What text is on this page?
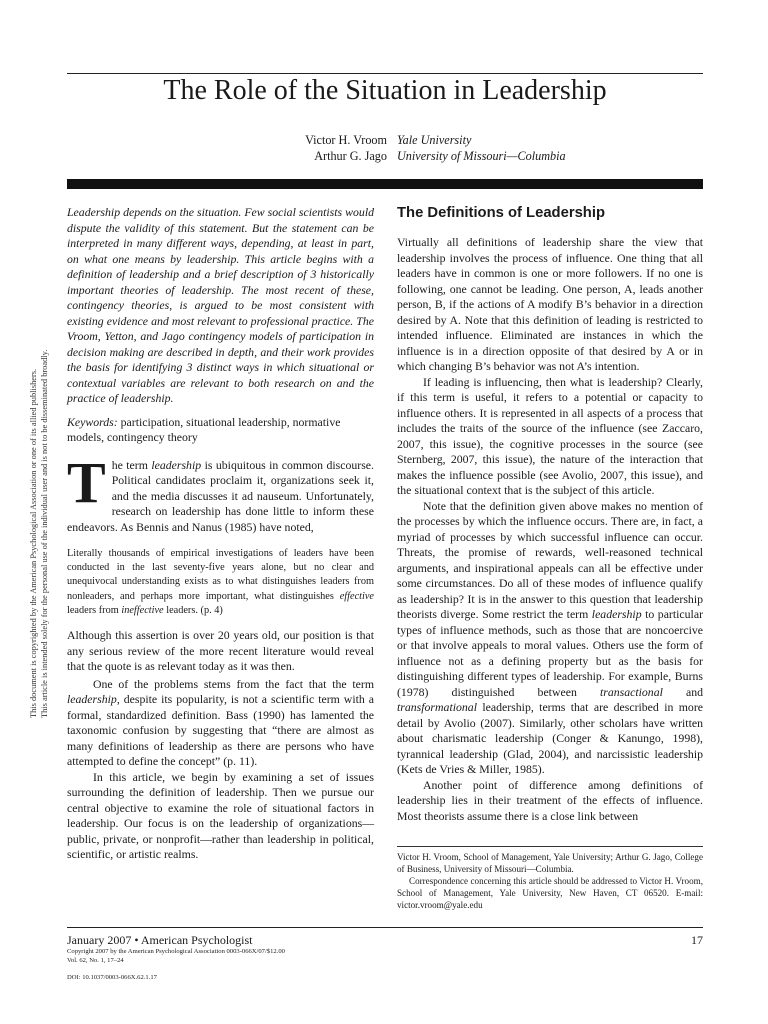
The Role of the Situation in Leadership
Victor H. Vroom
Arthur G. Jago
Yale University
University of Missouri—Columbia
This document is copyrighted by the American Psychological Association or one of its allied publishers. This article is intended solely for the personal use of the individual user and is not to be disseminated broadly.

Leadership depends on the situation. Few social scientists would dispute the validity of this statement. But the statement can be interpreted in many different ways, depending, at least in part, on what one means by leadership. This article begins with a definition of leadership and a brief description of 3 historically important theories of leadership. The most recent of these, contingency theories, is argued to be most consistent with existing evidence and most relevant to professional practice. The Vroom, Yetton, and Jago contingency models of participation in decision making are described in depth, and their work provides the basis for identifying 3 distinct ways in which situational or contextual variables are relevant to both research on and the practice of leadership.

Keywords: participation, situational leadership, normative models, contingency theory

The term leadership is ubiquitous in common discourse. Political candidates proclaim it, organizations seek it, and the media discusses it ad nauseum. Unfortunately, research on leadership has done little to inform these endeavors. As Bennis and Nanus (1985) have noted,

Literally thousands of empirical investigations of leaders have been conducted in the last seventy-five years alone, but no clear and unequivocal understanding exists as to what distinguishes leaders from nonleaders, and perhaps more important, what distinguishes effective leaders from ineffective leaders. (p. 4)

Although this assertion is over 20 years old, our position is that any serious review of the more recent literature would reveal that the quote is as relevant today as it was then.

One of the problems stems from the fact that the term leadership, despite its popularity, is not a scientific term with a formal, standardized definition. Bass (1990) has lamented the taxonomic confusion by suggesting that “there are almost as many definitions of leadership as there are persons who have attempted to define the concept” (p. 11).

In this article, we begin by examining a set of issues surrounding the definition of leadership. Then we pursue our central objective to examine the role of situational factors in leadership. Our focus is on the leadership of organizations—public, private, or nonprofit—rather than leadership in political, scientific, or artistic realms.

The Definitions of Leadership

Virtually all definitions of leadership share the view that leadership involves the process of influence. One thing that all leaders have in common is one or more followers. If no one is following, one cannot be leading. One person, A, leads another person, B, if the actions of A modify B’s behavior in a direction desired by A. Note that this definition of leading is restricted to intended influence. Eliminated are instances in which the influence is in a direction opposite of that desired by A or in which changing B’s behavior was not A’s intention.

If leading is influencing, then what is leadership? Clearly, if this term is useful, it refers to a potential or capacity to influence others. It is represented in all aspects of a process that includes the traits of the source of the influence (see Zaccaro, 2007, this issue), the cognitive processes in the source (see Sternberg, 2007, this issue), the nature of the interaction that makes the influence possible (see Avolio, 2007, this issue), and the situational context that is the subject of this article.

Note that the definition given above makes no mention of the processes by which the influence occurs. There are, in fact, a myriad of processes by which successful influence can occur. Threats, the promise of rewards, well-reasoned technical arguments, and inspirational appeals can all be effective under some circumstances. Do all of these modes of influence qualify as leadership? It is in the answer to this question that leadership theorists diverge. Some restrict the term leadership to particular types of influence methods, such as those that are noncoercive or that involve appeals to moral values. Others use the form of influence not as a defining property but as the basis for distinguishing different types of leadership. For example, Burns (1978) distinguished between transactional and transformational leadership, terms that are described in more detail by Avolio (2007). Similarly, other scholars have written about charismatic leadership (Conger & Kanungo, 1998), tyrannical leadership (Glad, 2004), and narcissistic leadership (Kets de Vries & Miller, 1985).

Another point of difference among definitions of leadership lies in their treatment of the effects of influence. Most theorists assume there is a close link between

Victor H. Vroom, School of Management, Yale University; Arthur G. Jago, College of Business, University of Missouri—Columbia.

Correspondence concerning this article should be addressed to Victor H. Vroom, School of Management, Yale University, New Haven, CT 06520. E-mail: victor.vroom@yale.edu

January 2007 • American Psychologist	17
Copyright 2007 by the American Psychological Association 0003-066X/07/$12.00
Vol. 62, No. 1, 17–24

DOI: 10.1037/0003-066X.62.1.17
